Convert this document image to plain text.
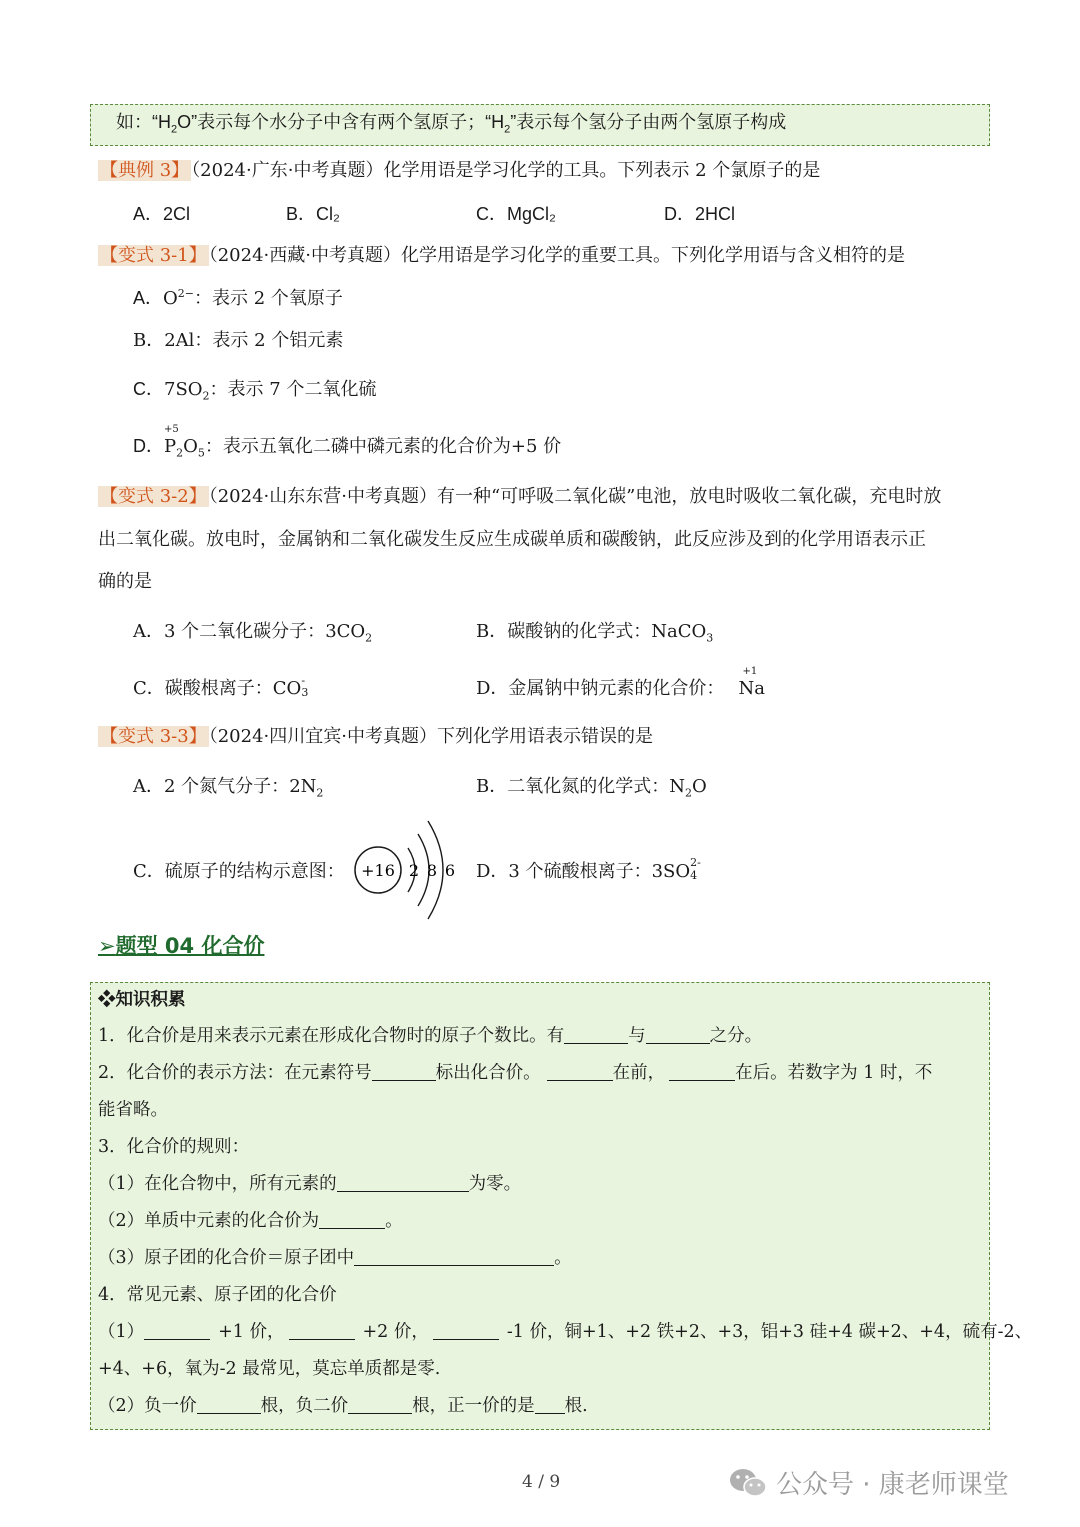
如：“$H_2O$”表示每个水分子中含有两个氢原子；“$H_2$”表示每个氢分子由两个氢原子构成
【典例 3】 （2024·广东·中考真题）化学用语是学习化学的工具。下列表示 2 个氯原子的是
A．2Cl	B．Cl₂	C．MgCl₂	D．2HCl
【变式 3-1】 （2024·西藏·中考真题）化学用语是学习化学的重要工具。下列化学用语与含义相符的是
A．$O^{2-}$：表示 2 个氧原子
B．2Al：表示 2 个铝元素
C．$7SO_2$：表示 7 个二氧化硫
D．
+5
$P_2O_5$：表示五氧化二磷中磷元素的化合价为+5 价
【变式 3-2】 （2024·山东东营·中考真题）有一种“可呼吸二氧化碳”电池，放电时吸收二氧化碳，充电时放
出二氧化碳。放电时，金属钠和二氧化碳发生反应生成碳单质和碳酸钠，此反应涉及到的化学用语表示正
确的是
A．3 个二氧化碳分子：$3CO_2$	B．碳酸钠的化学式：NaCO$_3$
C．碳酸根离子：CO -
3	D．金属钠中钠元素的化合价：
+1
Na
【变式 3-3】 （2024·四川宜宾·中考真题）下列化学用语表示错误的是
A．2 个氮气分子：$2N_2$	B．二氧化氮的化学式：$N_2O$
C．硫原子的结构示意图： +16 2 8 6 D．3 个硫酸根离子：3SO 2-
4
➢题型 04 化合价
❖知识积累
1．化合价是用来表示元素在形成化合物时的原子个数比。有	与	之分。
2．化合价的表示方法：在元素符号	标出化合价。	在前，	在后。若数字为 1 时，不
能省略。
3．化合价的规则：
（1）在化合物中，所有元素的	为零。
（2）单质中元素的化合价为	。
（3）原子团的化合价＝原子团中	。
4．常见元素、原子团的化合价
（1）	+1 价，	+2 价，	-1 价，铜+1、+2 铁+2、+3，铝+3 硅+4 碳+2、+4，硫有-2、
+4、+6，氧为-2 最常见，莫忘单质都是零.
（2）负一价	根，负二价	根，正一价的是 根.
4 / 9	公众号 · 康老师课堂
